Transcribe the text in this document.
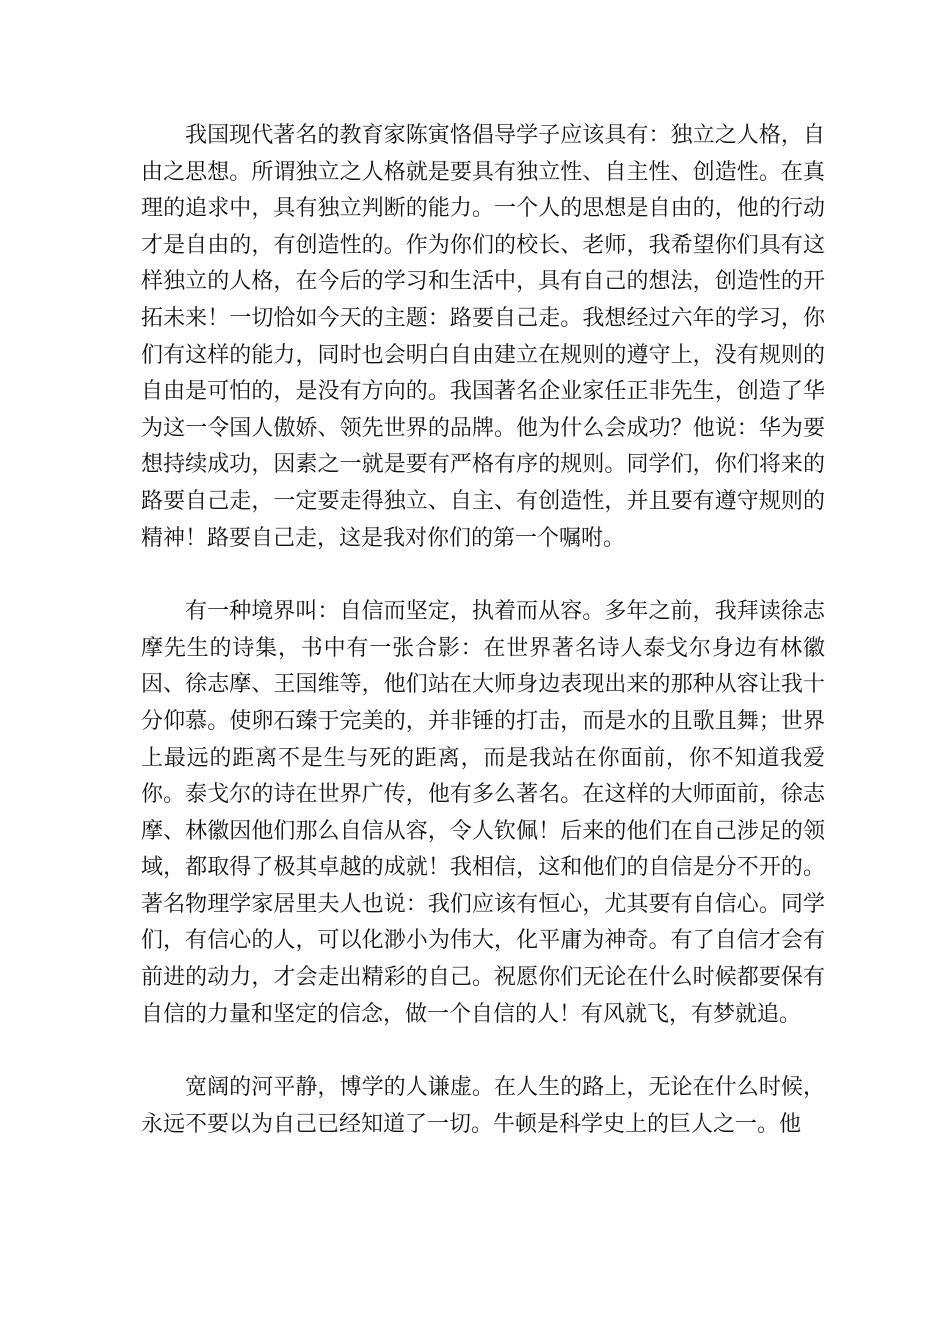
我国现代著名的教育家陈寅恪倡导学子应该具有：独立之人格，自由之思想。所谓独立之人格就是要具有独立性、自主性、创造性。在真理的追求中，具有独立判断的能力。一个人的思想是自由的，他的行动才是自由的，有创造性的。作为你们的校长、老师，我希望你们具有这样独立的人格，在今后的学习和生活中，具有自己的想法，创造性的开拓未来！一切恰如今天的主题：路要自己走。我想经过六年的学习，你们有这样的能力，同时也会明白自由建立在规则的遵守上，没有规则的自由是可怕的，是没有方向的。我国著名企业家任正非先生，创造了华为这一令国人傲娇、领先世界的品牌。他为什么会成功？他说：华为要想持续成功，因素之一就是要有严格有序的规则。同学们，你们将来的路要自己走，一定要走得独立、自主、有创造性，并且要有遵守规则的精神！路要自己走，这是我对你们的第一个嘱咐。

有一种境界叫：自信而坚定，执着而从容。多年之前，我拜读徐志摩先生的诗集，书中有一张合影：在世界著名诗人泰戈尔身边有林徽因、徐志摩、王国维等，他们站在大师身边表现出来的那种从容让我十分仰慕。使卵石臻于完美的，并非锤的打击，而是水的且歌且舞；世界上最远的距离不是生与死的距离，而是我站在你面前，你不知道我爱你。泰戈尔的诗在世界广传，他有多么著名。在这样的大师面前，徐志摩、林徽因他们那么自信从容，令人钦佩！后来的他们在自己涉足的领域，都取得了极其卓越的成就！我相信，这和他们的自信是分不开的。著名物理学家居里夫人也说：我们应该有恒心，尤其要有自信心。同学们，有信心的人，可以化渺小为伟大，化平庸为神奇。有了自信才会有前进的动力，才会走出精彩的自己。祝愿你们无论在什么时候都要保有自信的力量和坚定的信念，做一个自信的人！有风就飞，有梦就追。

宽阔的河平静，博学的人谦虚。在人生的路上，无论在什么时候，永远不要以为自己已经知道了一切。牛顿是科学史上的巨人之一。他
